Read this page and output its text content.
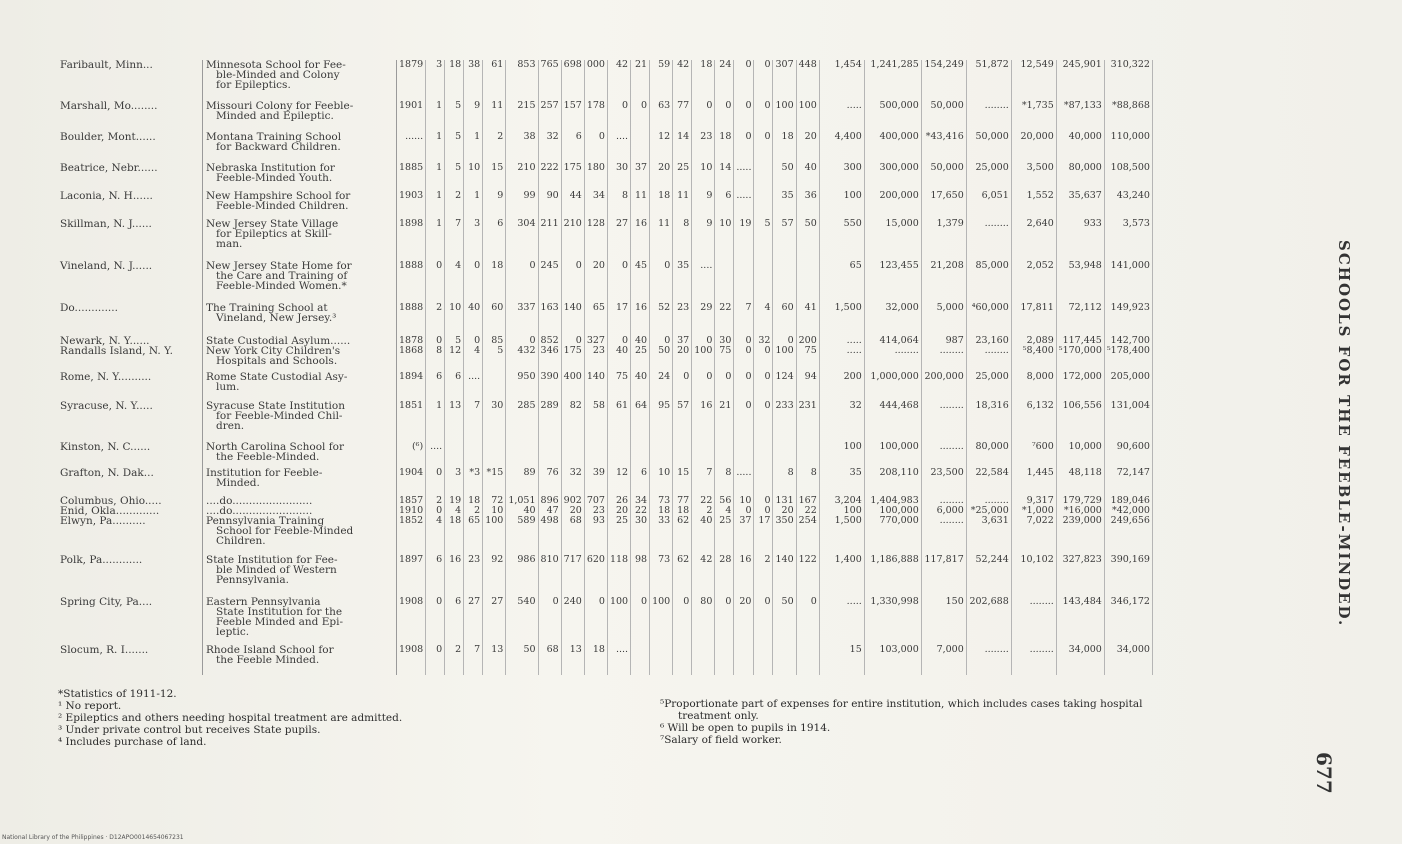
Faribault, Minn...	Minnesota School for Fee-
ble-Minded and Colony
for Epileptics.	1879	3	18	38	61	853	765	698	000	42	21	59	42	18	24	0	0	307	448	1,454	1,241,285	154,249	51,872	12,549	245,901	310,322
Marshall, Mo........	Missouri Colony for Feeble-
Minded and Epileptic.	1901	1	5	9	11	215	257	157	178	0	0	63	77	0	0	0	0	100	100	.....	500,000	50,000	........	*1,735	*87,133	*88,868
Boulder, Mont......	Montana Training School
for Backward Children.	......	1	5	1	2	38	32	6	0	....		12	14	23	18	0	0	18	20	4,400	400,000	*43,416	50,000	20,000	40,000	110,000
Beatrice, Nebr......	Nebraska Institution for
Feeble-Minded Youth.	1885	1	5	10	15	210	222	175	180	30	37	20	25	10	14	.....		50	40	300	300,000	50,000	25,000	3,500	80,000	108,500
Laconia, N. H......	New Hampshire School for
Feeble-Minded Children.	1903	1	2	1	9	99	90	44	34	8	11	18	11	9	6	.....		35	36	100	200,000	17,650	6,051	1,552	35,637	43,240
Skillman, N. J......	New Jersey State Village
for Epileptics at Skill-
man.	1898	1	7	3	6	304	211	210	128	27	16	11	8	9	10	19	5	57	50	550	15,000	1,379	........	2,640	933	3,573
Vineland, N. J......	New Jersey State Home for
the Care and Training of
Feeble-Minded Women.*	1888	0	4	0	18	0	245	0	20	0	45	0	35	....						65	123,455	21,208	85,000	2,052	53,948	141,000
Do.............	The Training School at
Vineland, New Jersey.³	1888	2	10	40	60	337	163	140	65	17	16	52	23	29	22	7	4	60	41	1,500	32,000	5,000	⁴60,000	17,811	72,112	149,923
Newark, N. Y......	State Custodial Asylum......	1878	0	5	0	85	0	852	0	327	0	40	0	37	0	30	0	32	0	200	.....	414,064	987	23,160	2,089	117,445	142,700
Randalls Island, N. Y.	New York City Children's
Hospitals and Schools.	1868	8	12	4	5	432	346	175	23	40	25	50	20	100	75	0	0	100	75	.....	........	........	........	⁵8,400	⁵170,000	⁵178,400
Rome, N. Y..........	Rome State Custodial Asy-
lum.	1894	6	6	....		950	390	400	140	75	40	24	0	0	0	0	0	124	94	200	1,000,000	200,000	25,000	8,000	172,000	205,000
Syracuse, N. Y.....	Syracuse State Institution
for Feeble-Minded Chil-
dren.	1851	1	13	7	30	285	289	82	58	61	64	95	57	16	21	0	0	233	231	32	444,468	........	18,316	6,132	106,556	131,004
Kinston, N. C......	North Carolina School for
the Feeble-Minded.	(⁶)	....																		100	100,000	........	80,000	⁷600	10,000	90,600
Grafton, N. Dak...	Institution for Feeble-
Minded.	1904	0	3	*3	*15	89	76	32	39	12	6	10	15	7	8	.....		8	8	35	208,110	23,500	22,584	1,445	48,118	72,147
Columbus, Ohio.....	....do........................	1857	2	19	18	72	1,051	896	902	707	26	34	73	77	22	56	10	0	131	167	3,204	1,404,983	........	........	9,317	179,729	189,046
Enid, Okla.............	....do........................	1910	0	4	2	10	40	47	20	23	20	22	18	18	2	4	0	0	20	22	100	100,000	6,000	*25,000	*1,000	*16,000	*42,000
Elwyn, Pa..........	Pennsylvania Training
School for Feeble-Minded
Children.	1852	4	18	65	100	589	498	68	93	25	30	33	62	40	25	37	17	350	254	1,500	770,000	........	3,631	7,022	239,000	249,656
Polk, Pa............	State Institution for Fee-
ble Minded of Western
Pennsylvania.	1897	6	16	23	92	986	810	717	620	118	98	73	62	42	28	16	2	140	122	1,400	1,186,888	117,817	52,244	10,102	327,823	390,169
Spring City, Pa....	Eastern Pennsylvania
State Institution for the
Feeble Minded and Epi-
leptic.	1908	0	6	27	27	540	0	240	0	100	0	100	0	80	0	20	0	50	0	.....	1,330,998	150	202,688	........	143,484	346,172
Slocum, R. I.......	Rhode Island School for
the Feeble Minded.	1908	0	2	7	13	50	68	13	18	....										15	103,000	7,000	........	........	34,000	34,000
*Statistics of 1911-12.
¹ No report.
² Epileptics and others needing hospital treatment are admitted.
³ Under private control but receives State pupils.
⁴ Includes purchase of land.
⁵Proportionate part of expenses for entire institution, which includes cases taking hospital
treatment only.
⁶ Will be open to pupils in 1914.
⁷Salary of field worker.
SCHOOLS FOR THE FEEBLE-MINDED.
677
National Library of the Philippines · D12APO0014654067231
